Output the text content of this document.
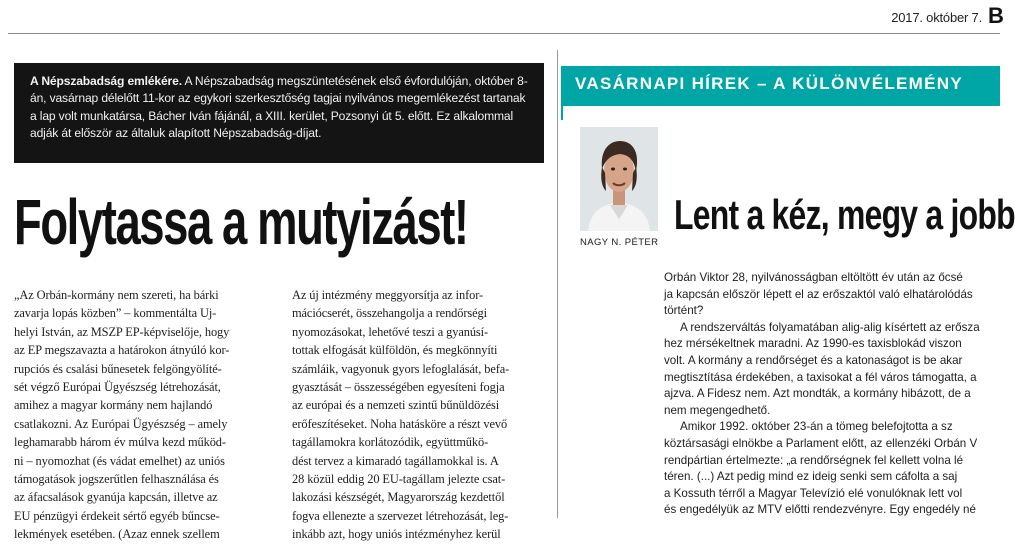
2017. október 7. B
A Népszabadság emlékére. A Népszabadság megszüntetésének első évfordulóján, október 8-án, vasárnap délelőtt 11-kor az egykori szerkesztőség tagjai nyilvános megemlékezést tartanak a lap volt munkatársa, Bácher Iván fájánál, a XIII. kerület, Pozsonyi út 5. előtt. Ez alkalommal adják át először az általuk alapított Népszabadság-díjat.
Folytassa a mutyizást!
„Az Orbán-kormány nem szereti, ha bárki
zavarja lopás közben” – kommentálta Uj-
helyi István, az MSZP EP-képviselője, hogy
az EP megszavazta a határokon átnyúló kor-
rupciós és csalási bűnesetek felgöngyölíté-
sét végző Európai Ügyészség létrehozását,
amihez a magyar kormány nem hajlandó
csatlakozni. Az Európai Ügyészség – amely
leghamarabb három év múlva kezd működ-
ni – nyomozhat (és vádat emelhet) az uniós
támogatások jogszerűtlen felhasználása és
az áfacsalások gyanúja kapcsán, illetve az
EU pénzügyi érdekeit sértő egyéb bűncse-
lekmények esetében. (Azaz ennek szellem
Az új intézmény meggyorsítja az infor-
mációcserét, összehangolja a rendőrségi
nyomozásokat, lehetővé teszi a gyanúsí-
tottak elfogását külföldön, és megkönnyíti
számláik, vagyonuk gyors lefoglalását, befa-
gyasztását – összességében egyesíteni fogja
az európai és a nemzeti szintű bűnüldözési
erőfeszítéseket. Noha hatásköre a részt vevő
tagállamokra korlátozódik, együttműkö-
dést tervez a kimaradó tagállamokkal is. A
28 közül eddig 20 EU-tagállam jelezte csat-
lakozási készségét, Magyarország kezdettől
fogva ellenezte a szervezet létrehozását, leg-
inkább azt, hogy uniós intézményhez kerül
VASÁRNAPI HÍREK – A KÜLÖNVÉLEMÉNY
NAGY N. PÉTER
Lent a kéz, megy a jobb

Orbán Viktor 28, nyilvánosságban eltöltött év után az őcsé

ja kapcsán először lépett el az erőszaktól való elhatárolódás

történt?

A rendszerváltás folyamatában alig-alig kísértett az erősza

hez mérsékeltnek maradni. Az 1990-es taxisblokád viszon

volt. A kormány a rendőrséget és a katonaságot is be akar

megtisztítása érdekében, a taxisokat a fél város támogatta, a

ajzva. A Fidesz nem. Azt mondták, a kormány hibázott, de a

nem megengedhető.

Amikor 1992. október 23-án a tömeg belefojtotta a sz

köztársasági elnökbe a Parlament előtt, az ellenzéki Orbán V

rendpártian értelmezte: „a rendőrségnek fel kellett volna lé

téren. (...) Azt pedig mind ez ideig senki sem cáfolta a saj

a Kossuth térről a Magyar Televízió elé vonulóknak lett vol

és engedélyük az MTV előtti rendezvényre. Egy engedély né
